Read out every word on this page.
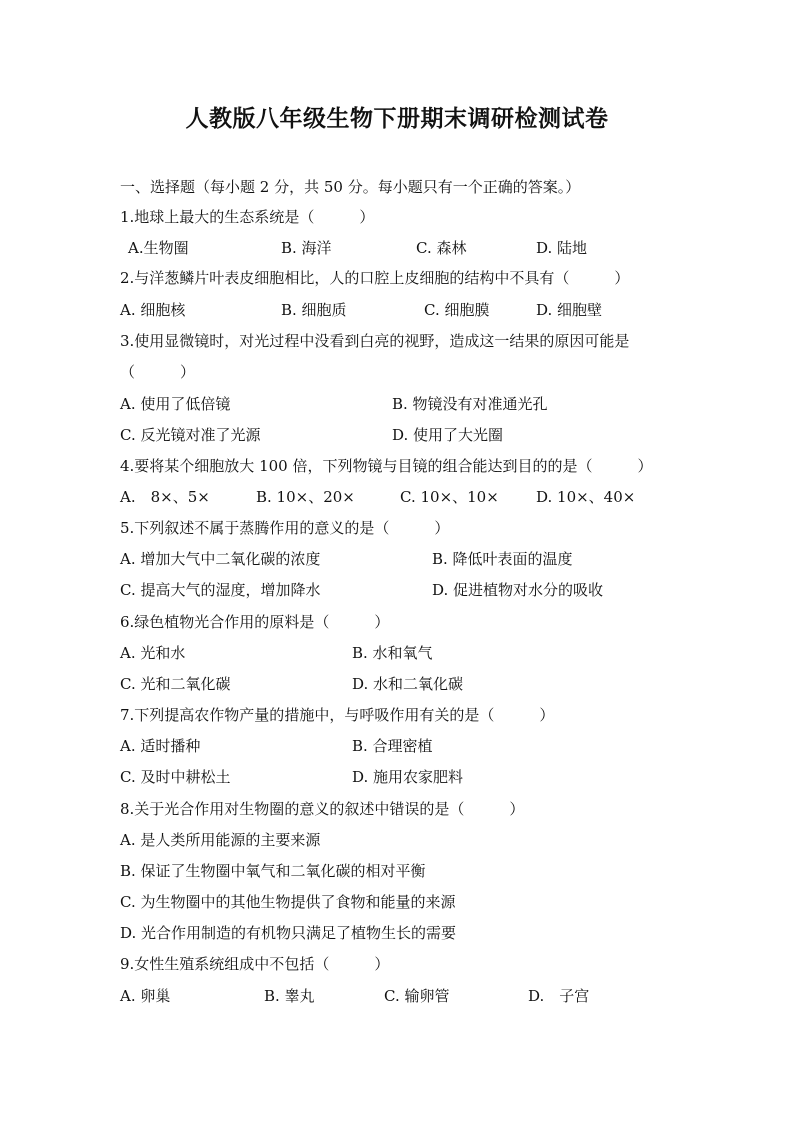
人教版八年级生物下册期末调研检测试卷
一、选择题（每小题 2 分，共 50 分。每小题只有一个正确的答案。）
1.地球上最大的生态系统是（　　　）
A.生物圈	B. 海洋	C. 森林	D. 陆地
2.与洋葱鳞片叶表皮细胞相比，人的口腔上皮细胞的结构中不具有（　　　）
A. 细胞核	B. 细胞质	C. 细胞膜	D. 细胞壁
3.使用显微镜时，对光过程中没看到白亮的视野，造成这一结果的原因可能是
（　　　）
A. 使用了低倍镜	B. 物镜没有对准通光孔
C. 反光镜对准了光源	D. 使用了大光圈
4.要将某个细胞放大 100 倍，下列物镜与目镜的组合能达到目的的是（　　　）
A.　8×、5×	B. 10×、20×	C. 10×、10× D. 10×、40×
5.下列叙述不属于蒸腾作用的意义的是（　　　）
A. 增加大气中二氧化碳的浓度	B. 降低叶表面的温度
C. 提高大气的湿度，增加降水	D. 促进植物对水分的吸收
6.绿色植物光合作用的原料是（　　　）
A. 光和水	B. 水和氧气
C. 光和二氧化碳	D. 水和二氧化碳
7.下列提高农作物产量的措施中，与呼吸作用有关的是（　　　）
A. 适时播种	B. 合理密植
C. 及时中耕松土	D. 施用农家肥料
8.关于光合作用对生物圈的意义的叙述中错误的是（　　　）
A. 是人类所用能源的主要来源
B. 保证了生物圈中氧气和二氧化碳的相对平衡
C. 为生物圈中的其他生物提供了食物和能量的来源
D. 光合作用制造的有机物只满足了植物生长的需要
9.女性生殖系统组成中不包括（　　　）
A. 卵巢	B. 睾丸	C. 输卵管	D.　子宫
